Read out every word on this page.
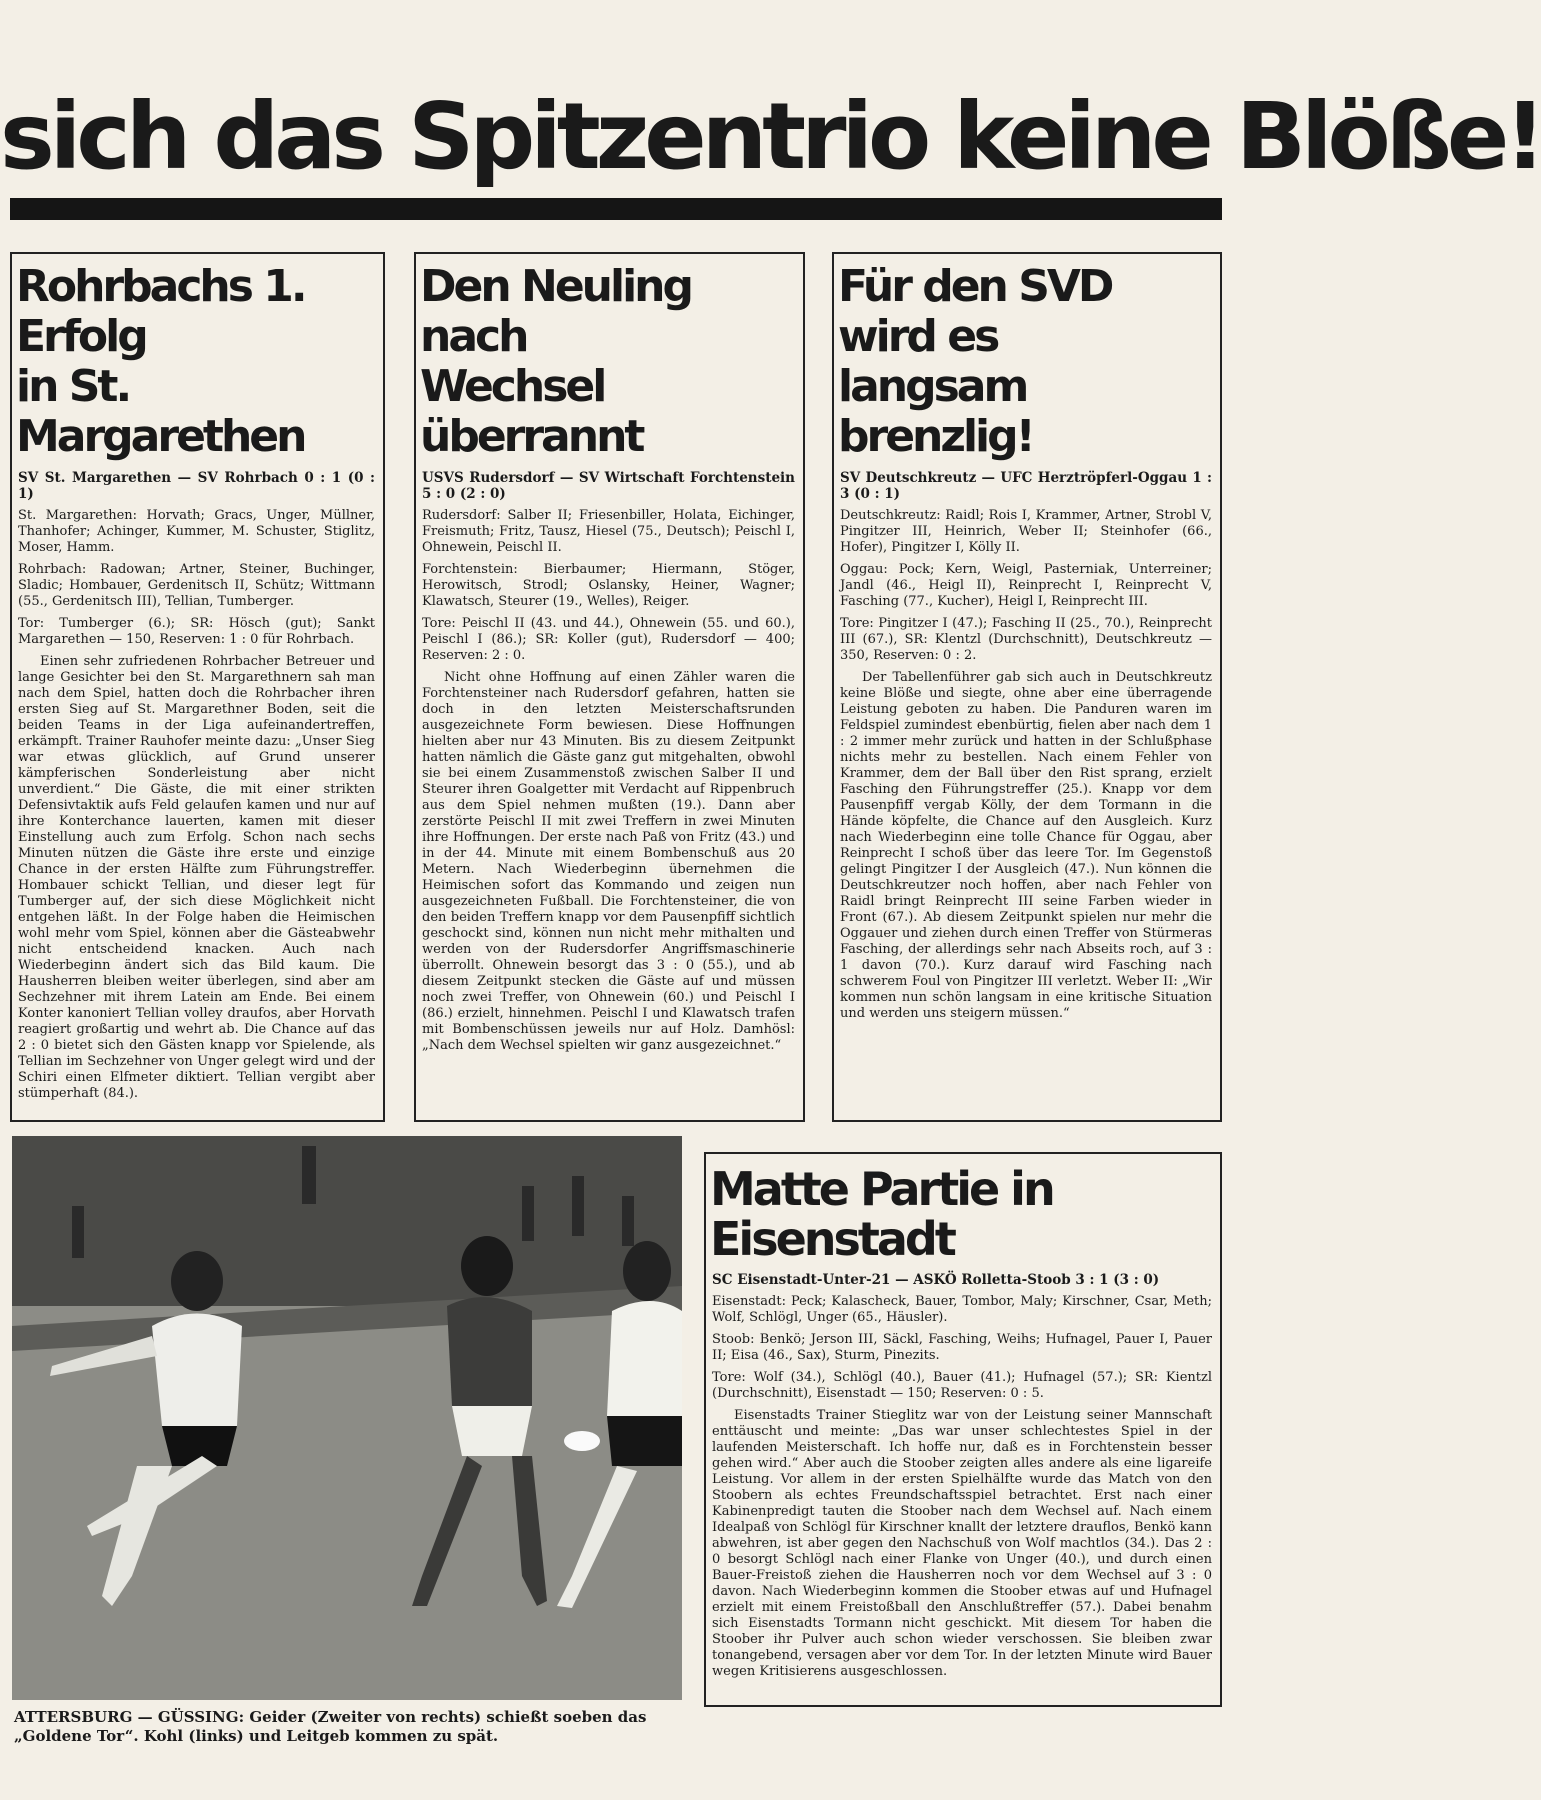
sich das Spitzentrio keine Blöße!
Rohrbachs 1. Erfolg
in St. Margarethen

SV St. Margarethen — SV Rohrbach 0 : 1 (0 : 1)

St. Margarethen: Horvath; Gracs, Unger, Müllner, Thanhofer; Achinger, Kummer, M. Schuster, Stiglitz, Moser, Hamm.

Rohrbach: Radowan; Artner, Steiner, Buchinger, Sladic; Hombauer, Gerdenitsch II, Schütz; Wittmann (55., Gerdenitsch III), Tellian, Tumberger.

Tor: Tumberger (6.); SR: Hösch (gut); Sankt Margarethen — 150, Reserven: 1 : 0 für Rohrbach.

Einen sehr zufriedenen Rohrbacher Betreuer und lange Gesichter bei den St. Margarethnern sah man nach dem Spiel, hatten doch die Rohrbacher ihren ersten Sieg auf St. Margarethner Boden, seit die beiden Teams in der Liga aufeinandertreffen, erkämpft. Trainer Rauhofer meinte dazu: „Unser Sieg war etwas glücklich, auf Grund unserer kämpferischen Sonderleistung aber nicht unverdient.“ Die Gäste, die mit einer strikten Defensivtaktik aufs Feld gelaufen kamen und nur auf ihre Konterchance lauerten, kamen mit dieser Einstellung auch zum Erfolg. Schon nach sechs Minuten nützen die Gäste ihre erste und einzige Chance in der ersten Hälfte zum Führungstreffer. Hombauer schickt Tellian, und dieser legt für Tumberger auf, der sich diese Möglichkeit nicht entgehen läßt. In der Folge haben die Heimischen wohl mehr vom Spiel, können aber die Gästeabwehr nicht entscheidend knacken. Auch nach Wiederbeginn ändert sich das Bild kaum. Die Hausherren bleiben weiter überlegen, sind aber am Sechzehner mit ihrem Latein am Ende. Bei einem Konter kanoniert Tellian volley draufos, aber Horvath reagiert großartig und wehrt ab. Die Chance auf das 2 : 0 bietet sich den Gästen knapp vor Spielende, als Tellian im Sechzehner von Unger gelegt wird und der Schiri einen Elfmeter diktiert. Tellian vergibt aber stümperhaft (84.).

Den Neuling nach
Wechsel überrannt

USVS Rudersdorf — SV Wirtschaft Forchtenstein 5 : 0 (2 : 0)

Rudersdorf: Salber II; Friesenbiller, Holata, Eichinger, Freismuth; Fritz, Tausz, Hiesel (75., Deutsch); Peischl I, Ohnewein, Peischl II.

Forchtenstein: Bierbaumer; Hiermann, Stöger, Herowitsch, Strodl; Oslansky, Heiner, Wagner; Klawatsch, Steurer (19., Welles), Reiger.

Tore: Peischl II (43. und 44.), Ohnewein (55. und 60.), Peischl I (86.); SR: Koller (gut), Rudersdorf — 400; Reserven: 2 : 0.

Nicht ohne Hoffnung auf einen Zähler waren die Forchtensteiner nach Rudersdorf gefahren, hatten sie doch in den letzten Meisterschaftsrunden ausgezeichnete Form bewiesen. Diese Hoffnungen hielten aber nur 43 Minuten. Bis zu diesem Zeitpunkt hatten nämlich die Gäste ganz gut mitgehalten, obwohl sie bei einem Zusammenstoß zwischen Salber II und Steurer ihren Goalgetter mit Verdacht auf Rippenbruch aus dem Spiel nehmen mußten (19.). Dann aber zerstörte Peischl II mit zwei Treffern in zwei Minuten ihre Hoffnungen. Der erste nach Paß von Fritz (43.) und in der 44. Minute mit einem Bombenschuß aus 20 Metern. Nach Wiederbeginn übernehmen die Heimischen sofort das Kommando und zeigen nun ausgezeichneten Fußball. Die Forchtensteiner, die von den beiden Treffern knapp vor dem Pausenpfiff sichtlich geschockt sind, können nun nicht mehr mithalten und werden von der Rudersdorfer Angriffsmaschinerie überrollt. Ohnewein besorgt das 3 : 0 (55.), und ab diesem Zeitpunkt stecken die Gäste auf und müssen noch zwei Treffer, von Ohnewein (60.) und Peischl I (86.) erzielt, hinnehmen. Peischl I und Klawatsch trafen mit Bombenschüssen jeweils nur auf Holz. Damhösl: „Nach dem Wechsel spielten wir ganz ausgezeichnet.“

Für den SVD wird es
langsam brenzlig!

SV Deutschkreutz — UFC Herztröpferl-Oggau 1 : 3 (0 : 1)

Deutschkreutz: Raidl; Rois I, Krammer, Artner, Strobl V, Pingitzer III, Heinrich, Weber II; Steinhofer (66., Hofer), Pingitzer I, Kölly II.

Oggau: Pock; Kern, Weigl, Pasterniak, Unterreiner; Jandl (46., Heigl II), Reinprecht I, Reinprecht V, Fasching (77., Kucher), Heigl I, Reinprecht III.

Tore: Pingitzer I (47.); Fasching II (25., 70.), Reinprecht III (67.), SR: Klentzl (Durchschnitt), Deutschkreutz — 350, Reserven: 0 : 2.

Der Tabellenführer gab sich auch in Deutschkreutz keine Blöße und siegte, ohne aber eine überragende Leistung geboten zu haben. Die Panduren waren im Feldspiel zumindest ebenbürtig, fielen aber nach dem 1 : 2 immer mehr zurück und hatten in der Schlußphase nichts mehr zu bestellen. Nach einem Fehler von Krammer, dem der Ball über den Rist sprang, erzielt Fasching den Führungstreffer (25.). Knapp vor dem Pausenpfiff vergab Kölly, der dem Tormann in die Hände köpfelte, die Chance auf den Ausgleich. Kurz nach Wiederbeginn eine tolle Chance für Oggau, aber Reinprecht I schoß über das leere Tor. Im Gegenstoß gelingt Pingitzer I der Ausgleich (47.). Nun können die Deutschkreutzer noch hoffen, aber nach Fehler von Raidl bringt Reinprecht III seine Farben wieder in Front (67.). Ab diesem Zeitpunkt spielen nur mehr die Oggauer und ziehen durch einen Treffer von Stürmeras Fasching, der allerdings sehr nach Abseits roch, auf 3 : 1 davon (70.). Kurz darauf wird Fasching nach schwerem Foul von Pingitzer III verletzt. Weber II: „Wir kommen nun schön langsam in eine kritische Situation und werden uns steigern müssen.“

ATTERSBURG — GÜSSING: Geider (Zweiter von rechts) schießt soeben das „Goldene Tor“. Kohl (links) und Leitgeb kommen zu spät.
Matte Partie in Eisenstadt

SC Eisenstadt-Unter-21 — ASKÖ Rolletta-Stoob 3 : 1 (3 : 0)

Eisenstadt: Peck; Kalascheck, Bauer, Tombor, Maly; Kirschner, Csar, Meth; Wolf, Schlögl, Unger (65., Häusler).

Stoob: Benkö; Jerson III, Säckl, Fasching, Weihs; Hufnagel, Pauer I, Pauer II; Eisa (46., Sax), Sturm, Pinezits.

Tore: Wolf (34.), Schlögl (40.), Bauer (41.); Hufnagel (57.); SR: Kientzl (Durchschnitt), Eisenstadt — 150; Reserven: 0 : 5.

Eisenstadts Trainer Stieglitz war von der Leistung seiner Mannschaft enttäuscht und meinte: „Das war unser schlechtestes Spiel in der laufenden Meisterschaft. Ich hoffe nur, daß es in Forchtenstein besser gehen wird.“ Aber auch die Stoober zeigten alles andere als eine ligareife Leistung. Vor allem in der ersten Spielhälfte wurde das Match von den Stoobern als echtes Freundschaftsspiel betrachtet. Erst nach einer Kabinenpredigt tauten die Stoober nach dem Wechsel auf. Nach einem Idealpaß von Schlögl für Kirschner knallt der letztere drauflos, Benkö kann abwehren, ist aber gegen den Nachschuß von Wolf machtlos (34.). Das 2 : 0 besorgt Schlögl nach einer Flanke von Unger (40.), und durch einen Bauer-Freistoß ziehen die Hausherren noch vor dem Wechsel auf 3 : 0 davon. Nach Wiederbeginn kommen die Stoober etwas auf und Hufnagel erzielt mit einem Freistoßball den Anschlußtreffer (57.). Dabei benahm sich Eisenstadts Tormann nicht geschickt. Mit diesem Tor haben die Stoober ihr Pulver auch schon wieder verschossen. Sie bleiben zwar tonangebend, versagen aber vor dem Tor. In der letzten Minute wird Bauer wegen Kritisierens ausgeschlossen.
